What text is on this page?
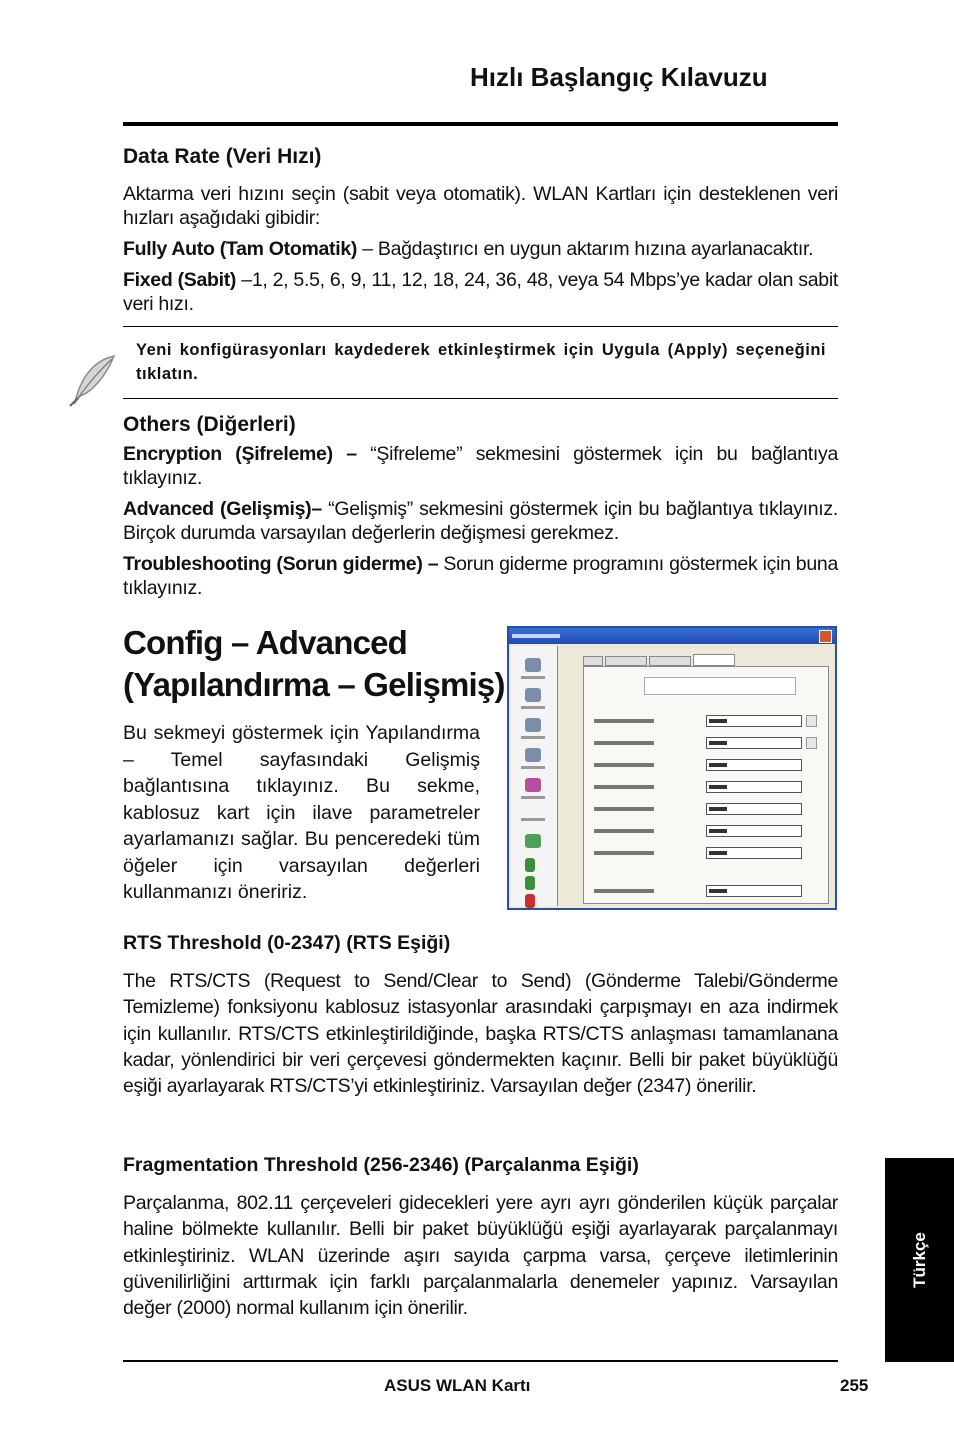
Hızlı Başlangıç Kılavuzu
Data Rate (Veri Hızı)
Aktarma veri hızını seçin (sabit veya otomatik). WLAN Kartları için desteklenen veri hızları aşağıdaki gibidir:
Fully Auto (Tam Otomatik) – Bağdaştırıcı en uygun aktarım hızına ayarlanacaktır.
Fixed (Sabit) –1, 2, 5.5, 6, 9, 11, 12, 18, 24, 36, 48, veya 54 Mbps’ye kadar olan sabit veri hızı.
Yeni konfigürasyonları kaydederek etkinleştirmek için Uygula (Apply) seçeneğini tıklatın.
Others (Diğerleri)
Encryption (Şifreleme) – “Şifreleme” sekmesini göstermek için bu bağlantıya tıklayınız.
Advanced (Gelişmiş)– “Gelişmiş” sekmesini göstermek için bu bağlantıya tıklayınız. Birçok durumda varsayılan değerlerin değişmesi gerekmez.
Troubleshooting (Sorun giderme) – Sorun giderme programını göstermek için buna tıklayınız.
Config – Advanced
(Yapılandırma – Gelişmiş)
Bu sekmeyi göstermek için Yapılandırma – Temel sayfasındaki Gelişmiş bağlantısına tıklayınız. Bu sekme, kablosuz kart için ilave parametreler ayarlamanızı sağlar. Bu penceredeki tüm öğeler için varsayılan değerleri kullanmanızı öneririz.
RTS Threshold (0-2347) (RTS Eşiği)
The RTS/CTS (Request to Send/Clear to Send) (Gönderme Talebi/Gönderme Temizleme) fonksiyonu kablosuz istasyonlar arasındaki çarpışmayı en aza indirmek için kullanılır. RTS/CTS etkinleştirildiğinde, başka RTS/CTS anlaşması tamamlanana kadar, yönlendirici bir veri çerçevesi göndermekten kaçınır. Belli bir paket büyüklüğü eşiği ayarlayarak RTS/CTS’yi etkinleştiriniz. Varsayılan değer (2347) önerilir.
Fragmentation Threshold (256-2346) (Parçalanma Eşiği)
Parçalanma, 802.11 çerçeveleri gidecekleri yere ayrı ayrı gönderilen küçük parçalar haline bölmekte kullanılır. Belli bir paket büyüklüğü eşiği ayarlayarak parçalanmayı etkinleştiriniz. WLAN üzerinde aşırı sayıda çarpma varsa, çerçeve iletimlerinin güvenilirliğini arttırmak için farklı parçalanmalarla denemeler yapınız. Varsayılan değer (2000) normal kullanım için önerilir.
Türkçe
ASUS WLAN Kartı	255
